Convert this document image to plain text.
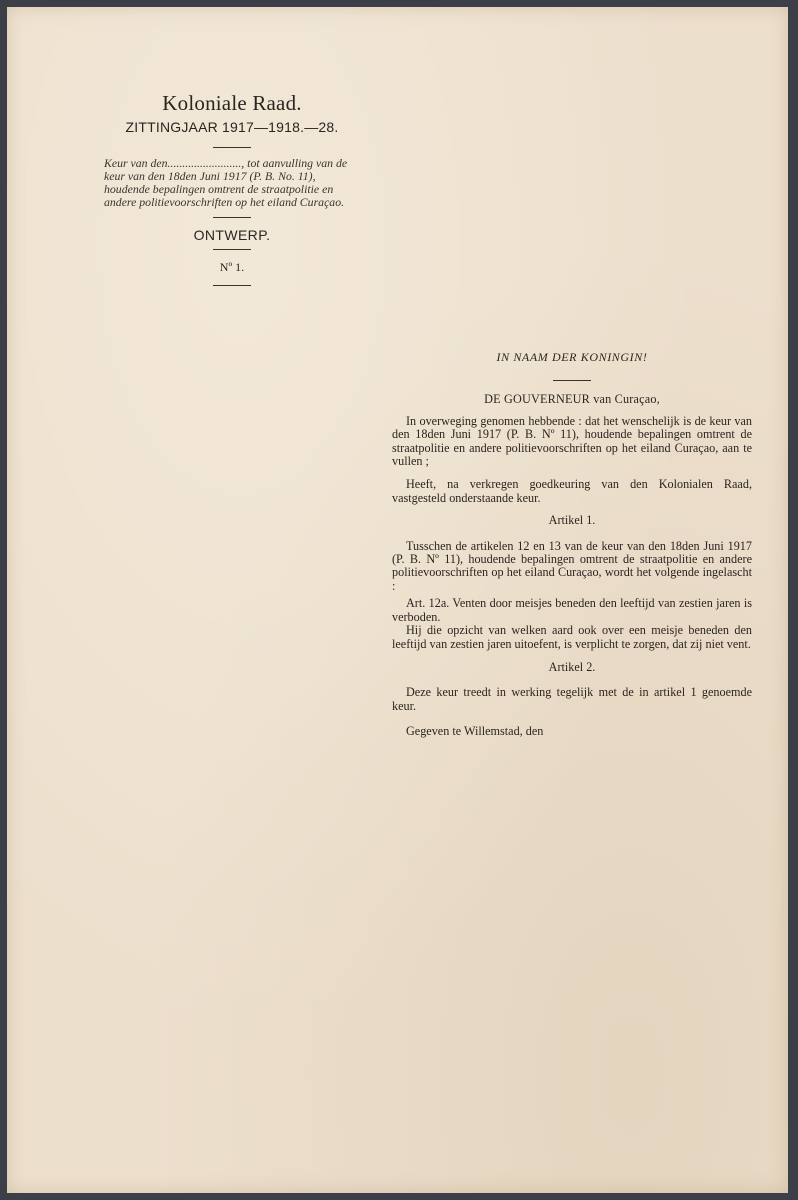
Koloniale Raad.
ZITTINGJAAR 1917—1918.—28.
Keur van den........................., tot aanvulling van de keur van den 18den Juni 1917 (P. B. No. 11), houdende bepalingen omtrent de straatpolitie en andere politievoorschriften op het eiland Curaçao.
ONTWERP.
Nº 1.
IN NAAM DER KONINGIN!
DE GOUVERNEUR van Curaçao,

In overweging genomen hebbende : dat het wenschelijk is de keur van den 18den Juni 1917 (P. B. Nº 11), houdende bepalingen omtrent de straatpolitie en andere politievoorschriften op het eiland Curaçao, aan te vullen ;

Heeft, na verkregen goedkeuring van den Kolonialen Raad, vastgesteld onderstaande keur.

Artikel 1.

Tusschen de artikelen 12 en 13 van de keur van den 18den Juni 1917 (P. B. Nº 11), houdende bepalingen omtrent de straatpolitie en andere politievoorschriften op het eiland Curaçao, wordt het volgende ingelascht :

Art. 12a. Venten door meisjes beneden den leeftijd van zestien jaren is verboden.

Hij die opzicht van welken aard ook over een meisje beneden den leeftijd van zestien jaren uitoefent, is verplicht te zorgen, dat zij niet vent.

Artikel 2.

Deze keur treedt in werking tegelijk met de in artikel 1 genoemde keur.

Gegeven te Willemstad, den
